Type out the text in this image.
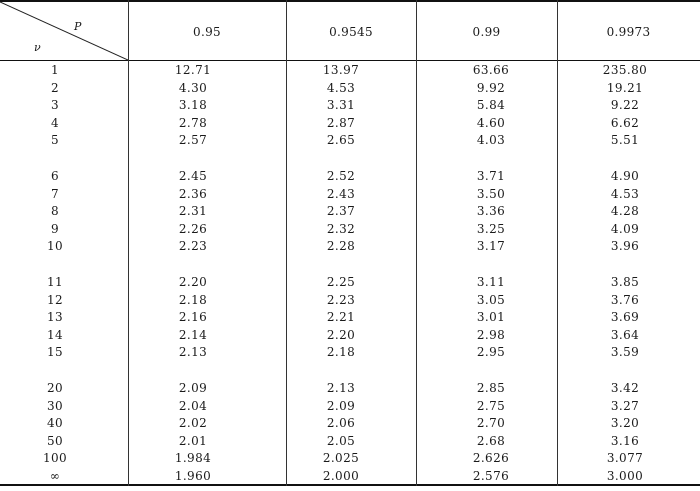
P
ν
0.95	0.9545	0.99	0.9973
1	12.71	13.97	63.66	235.80
2	4.30	4.53	9.92	19.21
3	3.18	3.31	5.84	9.22
4	2.78	2.87	4.60	6.62
5	2.57	2.65	4.03	5.51
6	2.45	2.52	3.71	4.90
7	2.36	2.43	3.50	4.53
8	2.31	2.37	3.36	4.28
9	2.26	2.32	3.25	4.09
10	2.23	2.28	3.17	3.96
11	2.20	2.25	3.11	3.85
12	2.18	2.23	3.05	3.76
13	2.16	2.21	3.01	3.69
14	2.14	2.20	2.98	3.64
15	2.13	2.18	2.95	3.59
20	2.09	2.13	2.85	3.42
30	2.04	2.09	2.75	3.27
40	2.02	2.06	2.70	3.20
50	2.01	2.05	2.68	3.16
100	1.984	2.025	2.626	3.077
∞	1.960	2.000	2.576	3.000
